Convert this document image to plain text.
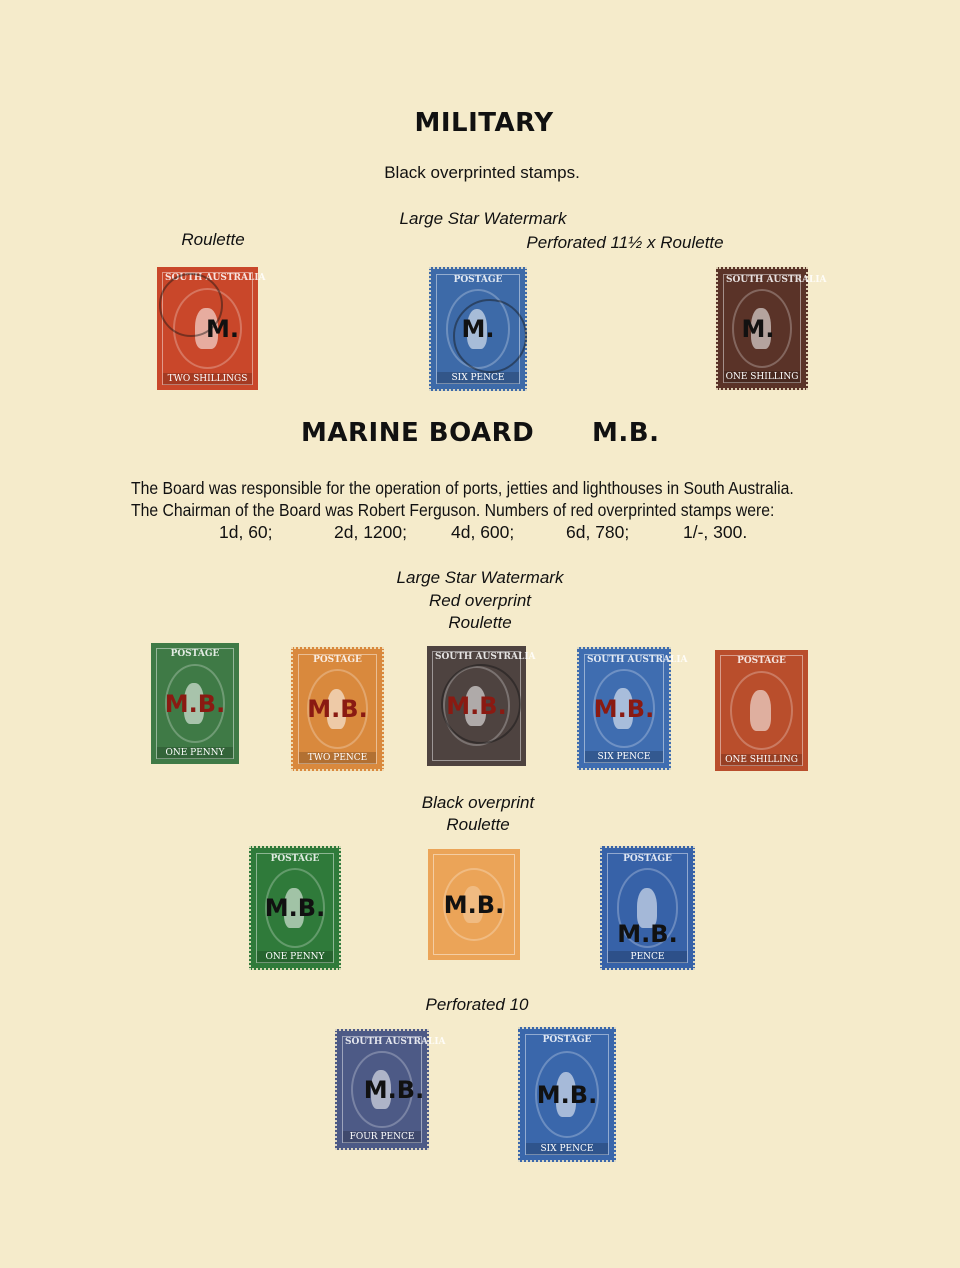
MILITARY
Black overprinted stamps.
Large Star Watermark
Roulette	Perforated 11½ x Roulette
SOUTH AUSTRALIA
M.
TWO SHILLINGS
POSTAGE
M.
SIX PENCE
SOUTH AUSTRALIA
M.
ONE SHILLING
MARINE BOARD M.B.
The Board was responsible for the operation of ports, jetties and lighthouses in South Australia.
The Chairman of the Board was Robert Ferguson. Numbers of red overprinted stamps were:
1d, 60;	2d, 1200;	4d, 600;	6d, 780;	1/-, 300.
Large Star Watermark
Red overprint
Roulette
POSTAGE
M.B.
ONE PENNY
POSTAGE
M.B.
TWO PENCE
SOUTH AUSTRALIA
M.B.
SOUTH AUSTRALIA
M.B.
SIX PENCE
POSTAGE
ONE SHILLING
Black overprint
Roulette
POSTAGE
M.B.
ONE PENNY
M.B.
POSTAGE
M.B.
PENCE
Perforated 10
SOUTH AUSTRALIA
M.B.
FOUR PENCE
POSTAGE
M.B.
SIX PENCE
